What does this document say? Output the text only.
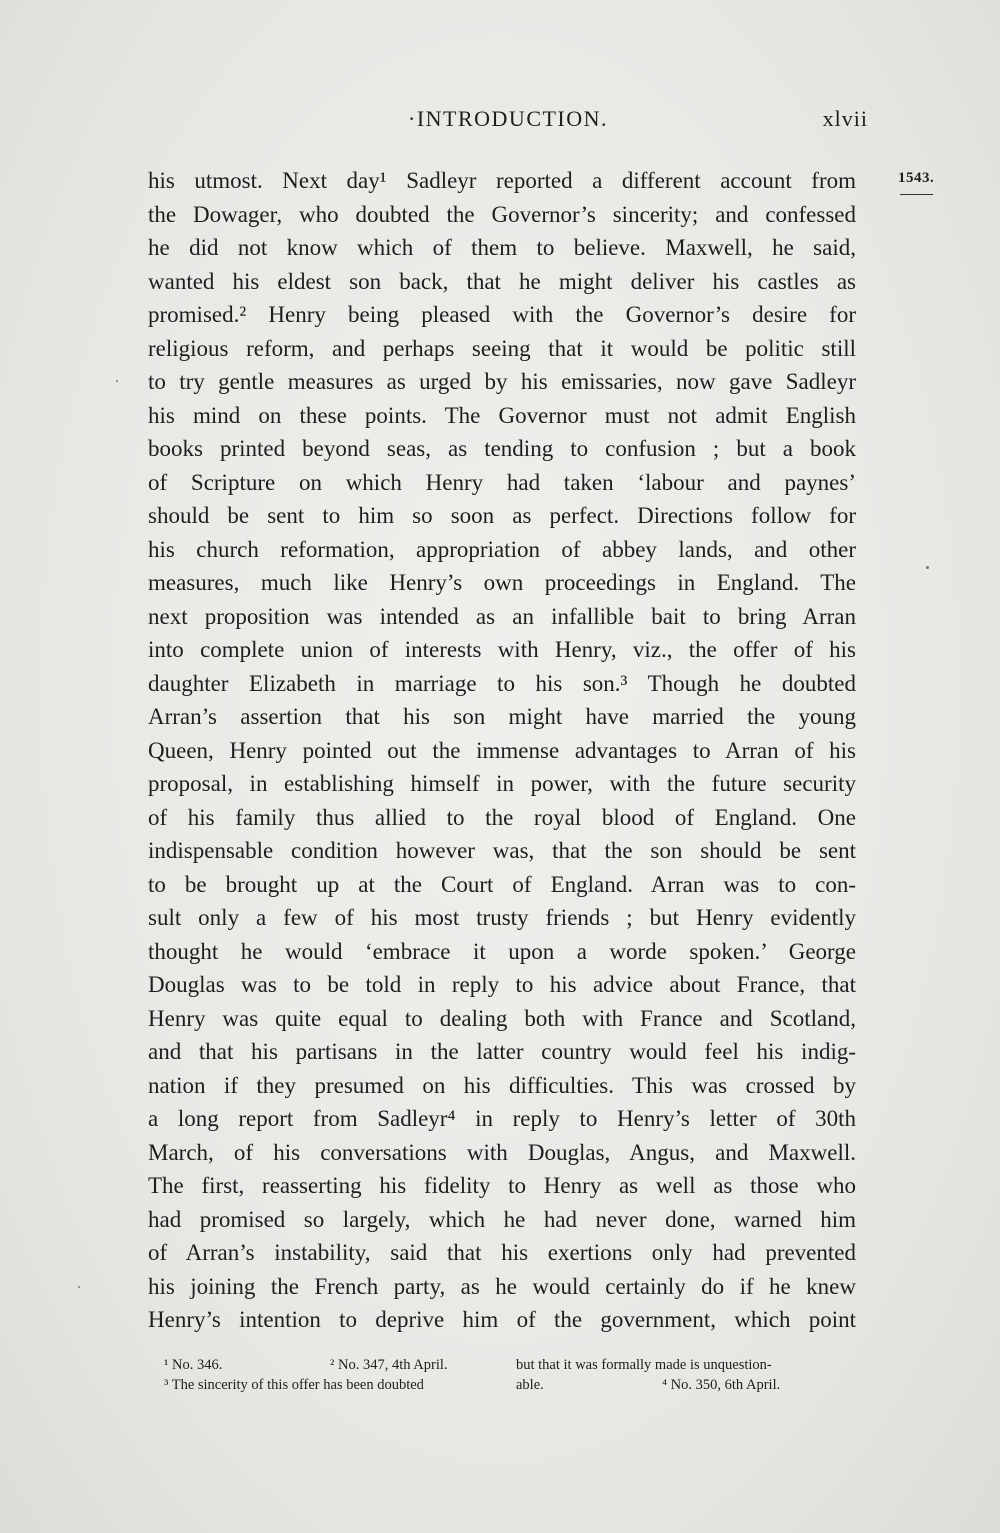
·INTRODUCTION.	xlvii
1543.
his utmost. Next day¹ Sadleyr reported a different account from
the Dowager, who doubted the Governor’s sincerity; and confessed
he did not know which of them to believe. Maxwell, he said,
wanted his eldest son back, that he might deliver his castles as
promised.² Henry being pleased with the Governor’s desire for
religious reform, and perhaps seeing that it would be politic still
to try gentle measures as urged by his emissaries, now gave Sadleyr
his mind on these points. The Governor must not admit English
books printed beyond seas, as tending to confusion ; but a book
of Scripture on which Henry had taken ‘labour and paynes’
should be sent to him so soon as perfect. Directions follow for
his church reformation, appropriation of abbey lands, and other
measures, much like Henry’s own proceedings in England. The
next proposition was intended as an infallible bait to bring Arran
into complete union of interests with Henry, viz., the offer of his
daughter Elizabeth in marriage to his son.³ Though he doubted
Arran’s assertion that his son might have married the young
Queen, Henry pointed out the immense advantages to Arran of his
proposal, in establishing himself in power, with the future security
of his family thus allied to the royal blood of England. One
indispensable condition however was, that the son should be sent
to be brought up at the Court of England. Arran was to con-
sult only a few of his most trusty friends ; but Henry evidently
thought he would ‘embrace it upon a worde spoken.’ George
Douglas was to be told in reply to his advice about France, that
Henry was quite equal to dealing both with France and Scotland,
and that his partisans in the latter country would feel his indig-
nation if they presumed on his difficulties. This was crossed by
a long report from Sadleyr⁴ in reply to Henry’s letter of 30th
March, of his conversations with Douglas, Angus, and Maxwell.
The first, reasserting his fidelity to Henry as well as those who
had promised so largely, which he had never done, warned him
of Arran’s instability, said that his exertions only had prevented
his joining the French party, as he would certainly do if he knew
Henry’s intention to deprive him of the government, which point
¹ No. 346.	² No. 347, 4th April.	but that it was formally made is unquestion-
³ The sincerity of this offer has been doubted	able.	⁴ No. 350, 6th April.
